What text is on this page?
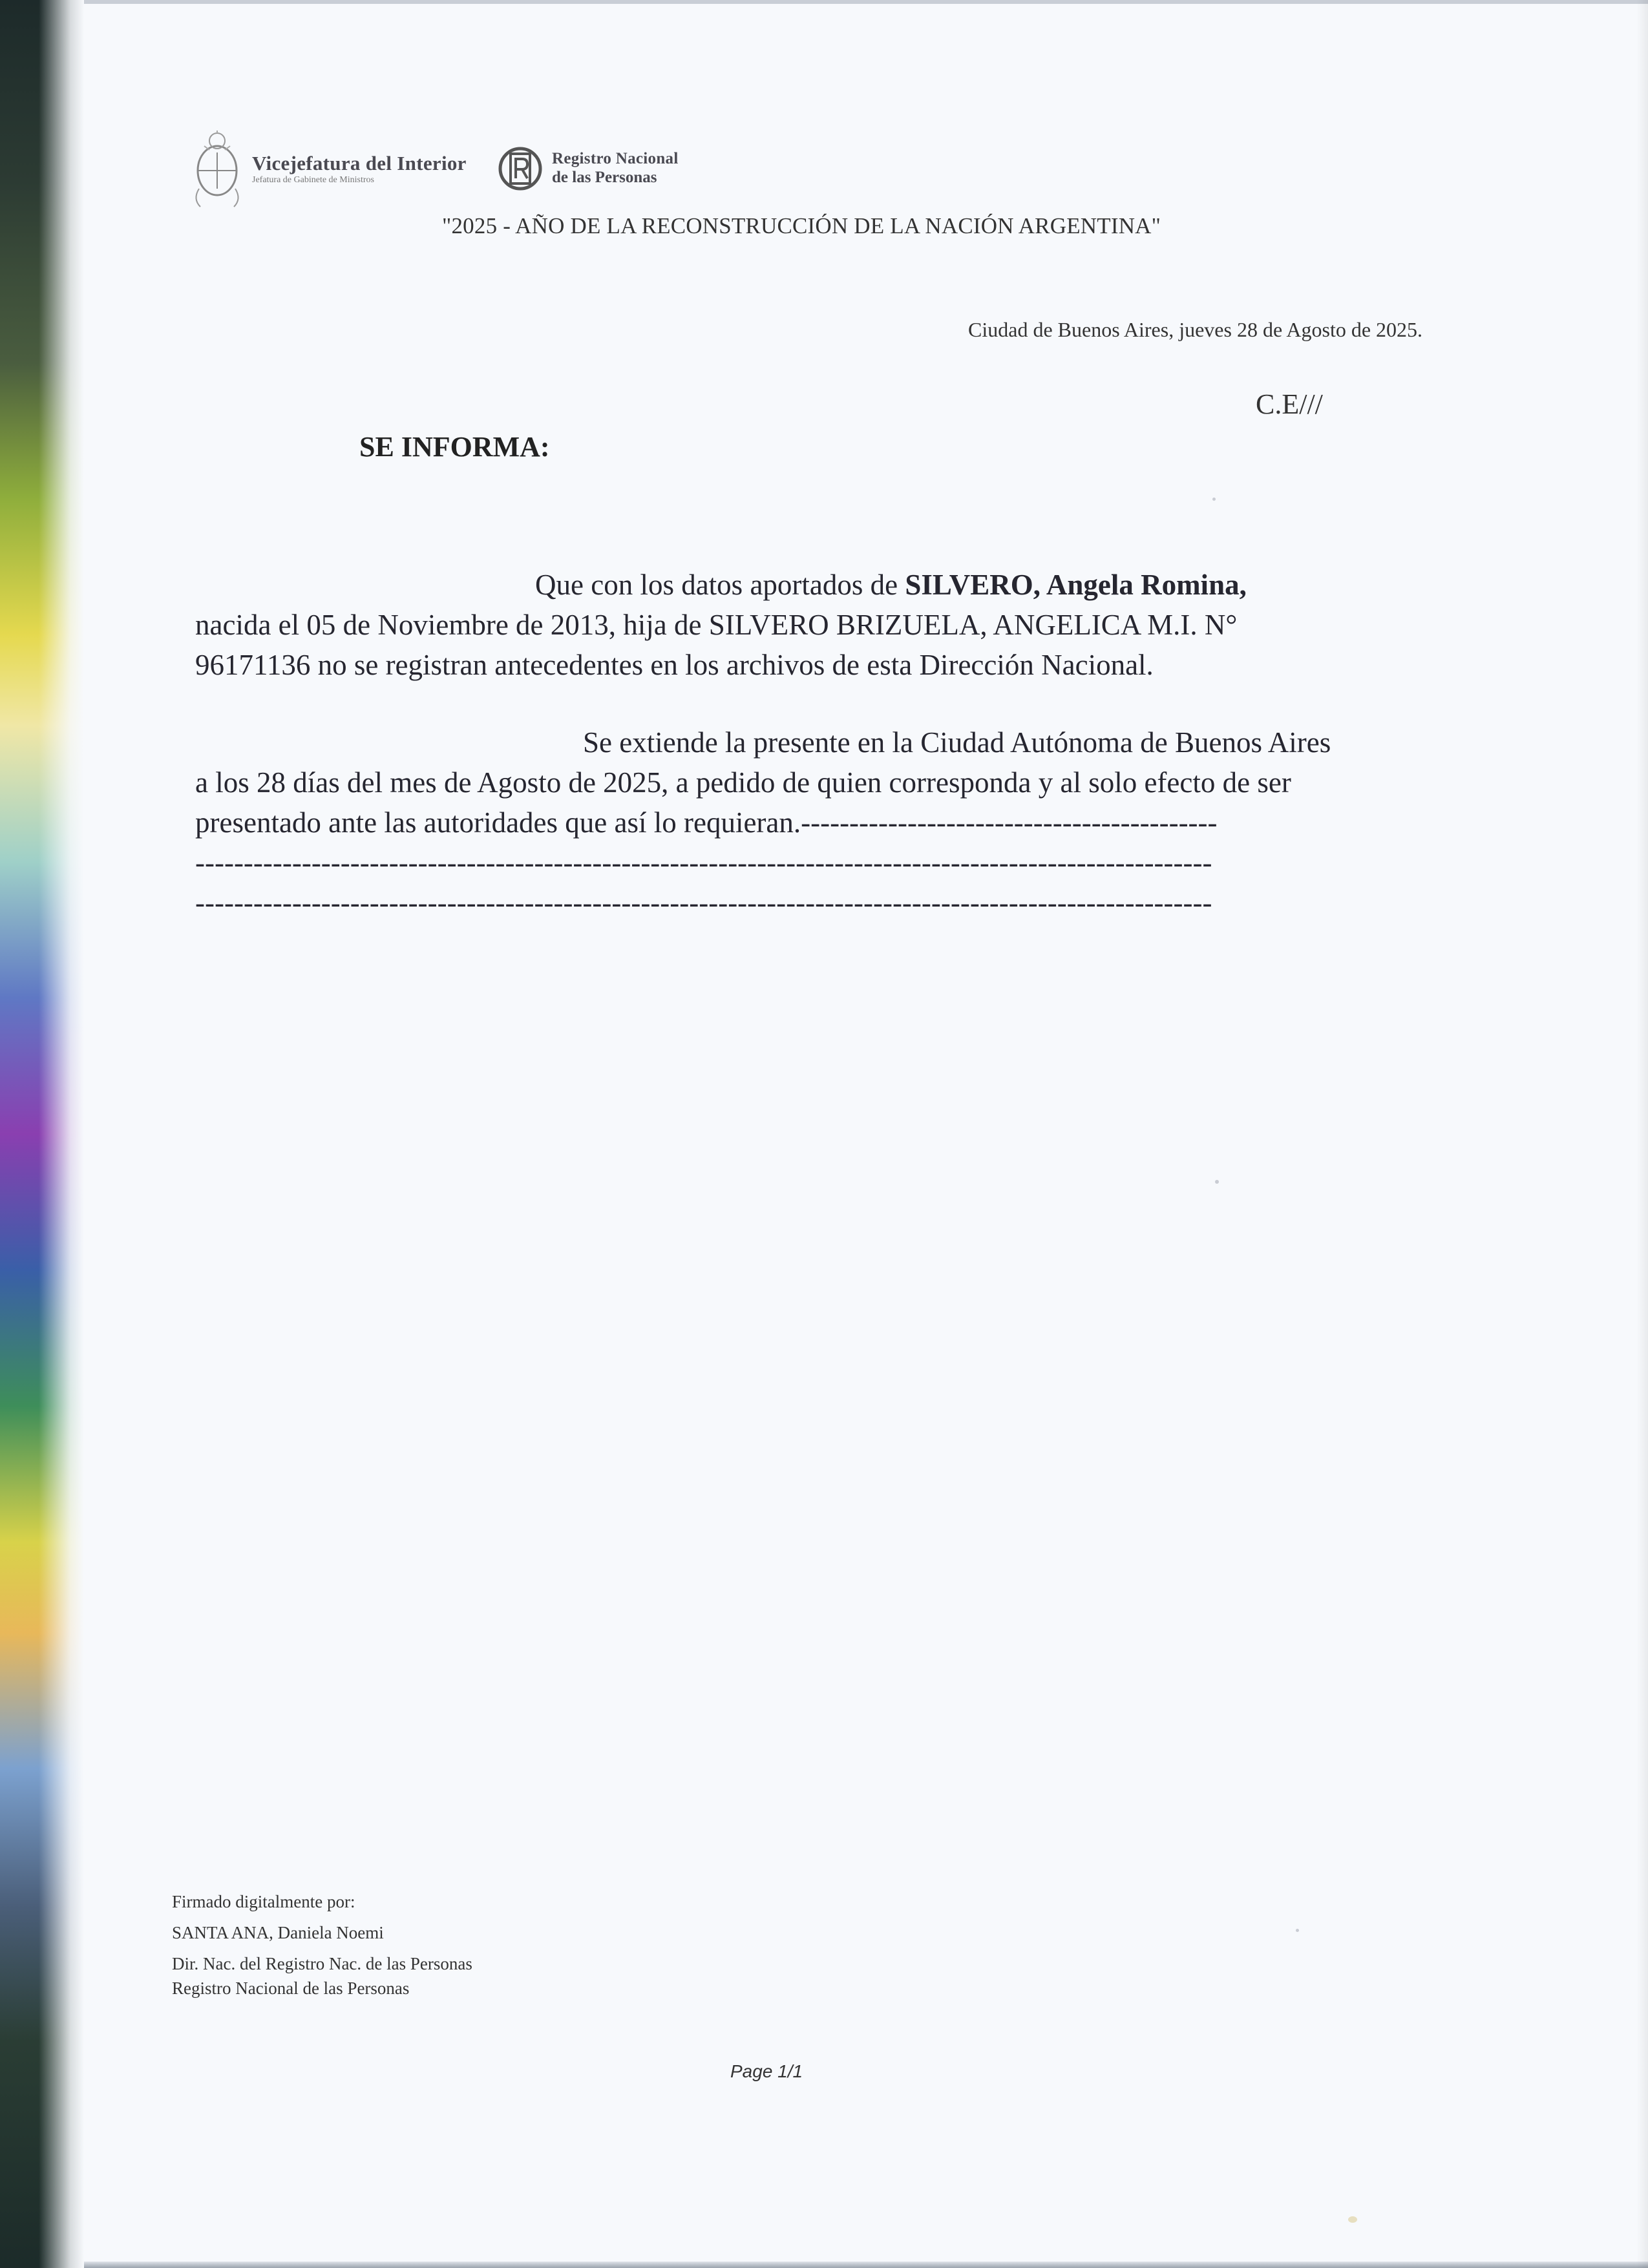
Vicejefatura del Interior
Jefatura de Gabinete de Ministros
Registro Nacional
de las Personas
"2025 - AÑO DE LA RECONSTRUCCIÓN DE LA NACIÓN ARGENTINA"
Ciudad de Buenos Aires, jueves 28 de Agosto de 2025.
C.E///
SE INFORMA:
Que con los datos aportados de SILVERO, Angela Romina,
nacida el 05 de Noviembre de 2013, hija de SILVERO BRIZUELA, ANGELICA M.I. N°
96171136 no se registran antecedentes en los archivos de esta Dirección Nacional.
Se extiende la presente en la Ciudad Autónoma de Buenos Aires
a los 28 días del mes de Agosto de 2025, a pedido de quien corresponda y al solo efecto de ser
presentado ante las autoridades que así lo requieran.-------------------------------------------
---------------------------------------------------------------------------------------------------------
---------------------------------------------------------------------------------------------------------
Firmado digitalmente por:
SANTA ANA, Daniela Noemi
Dir. Nac. del Registro Nac. de las Personas
Registro Nacional de las Personas
Page 1/1
